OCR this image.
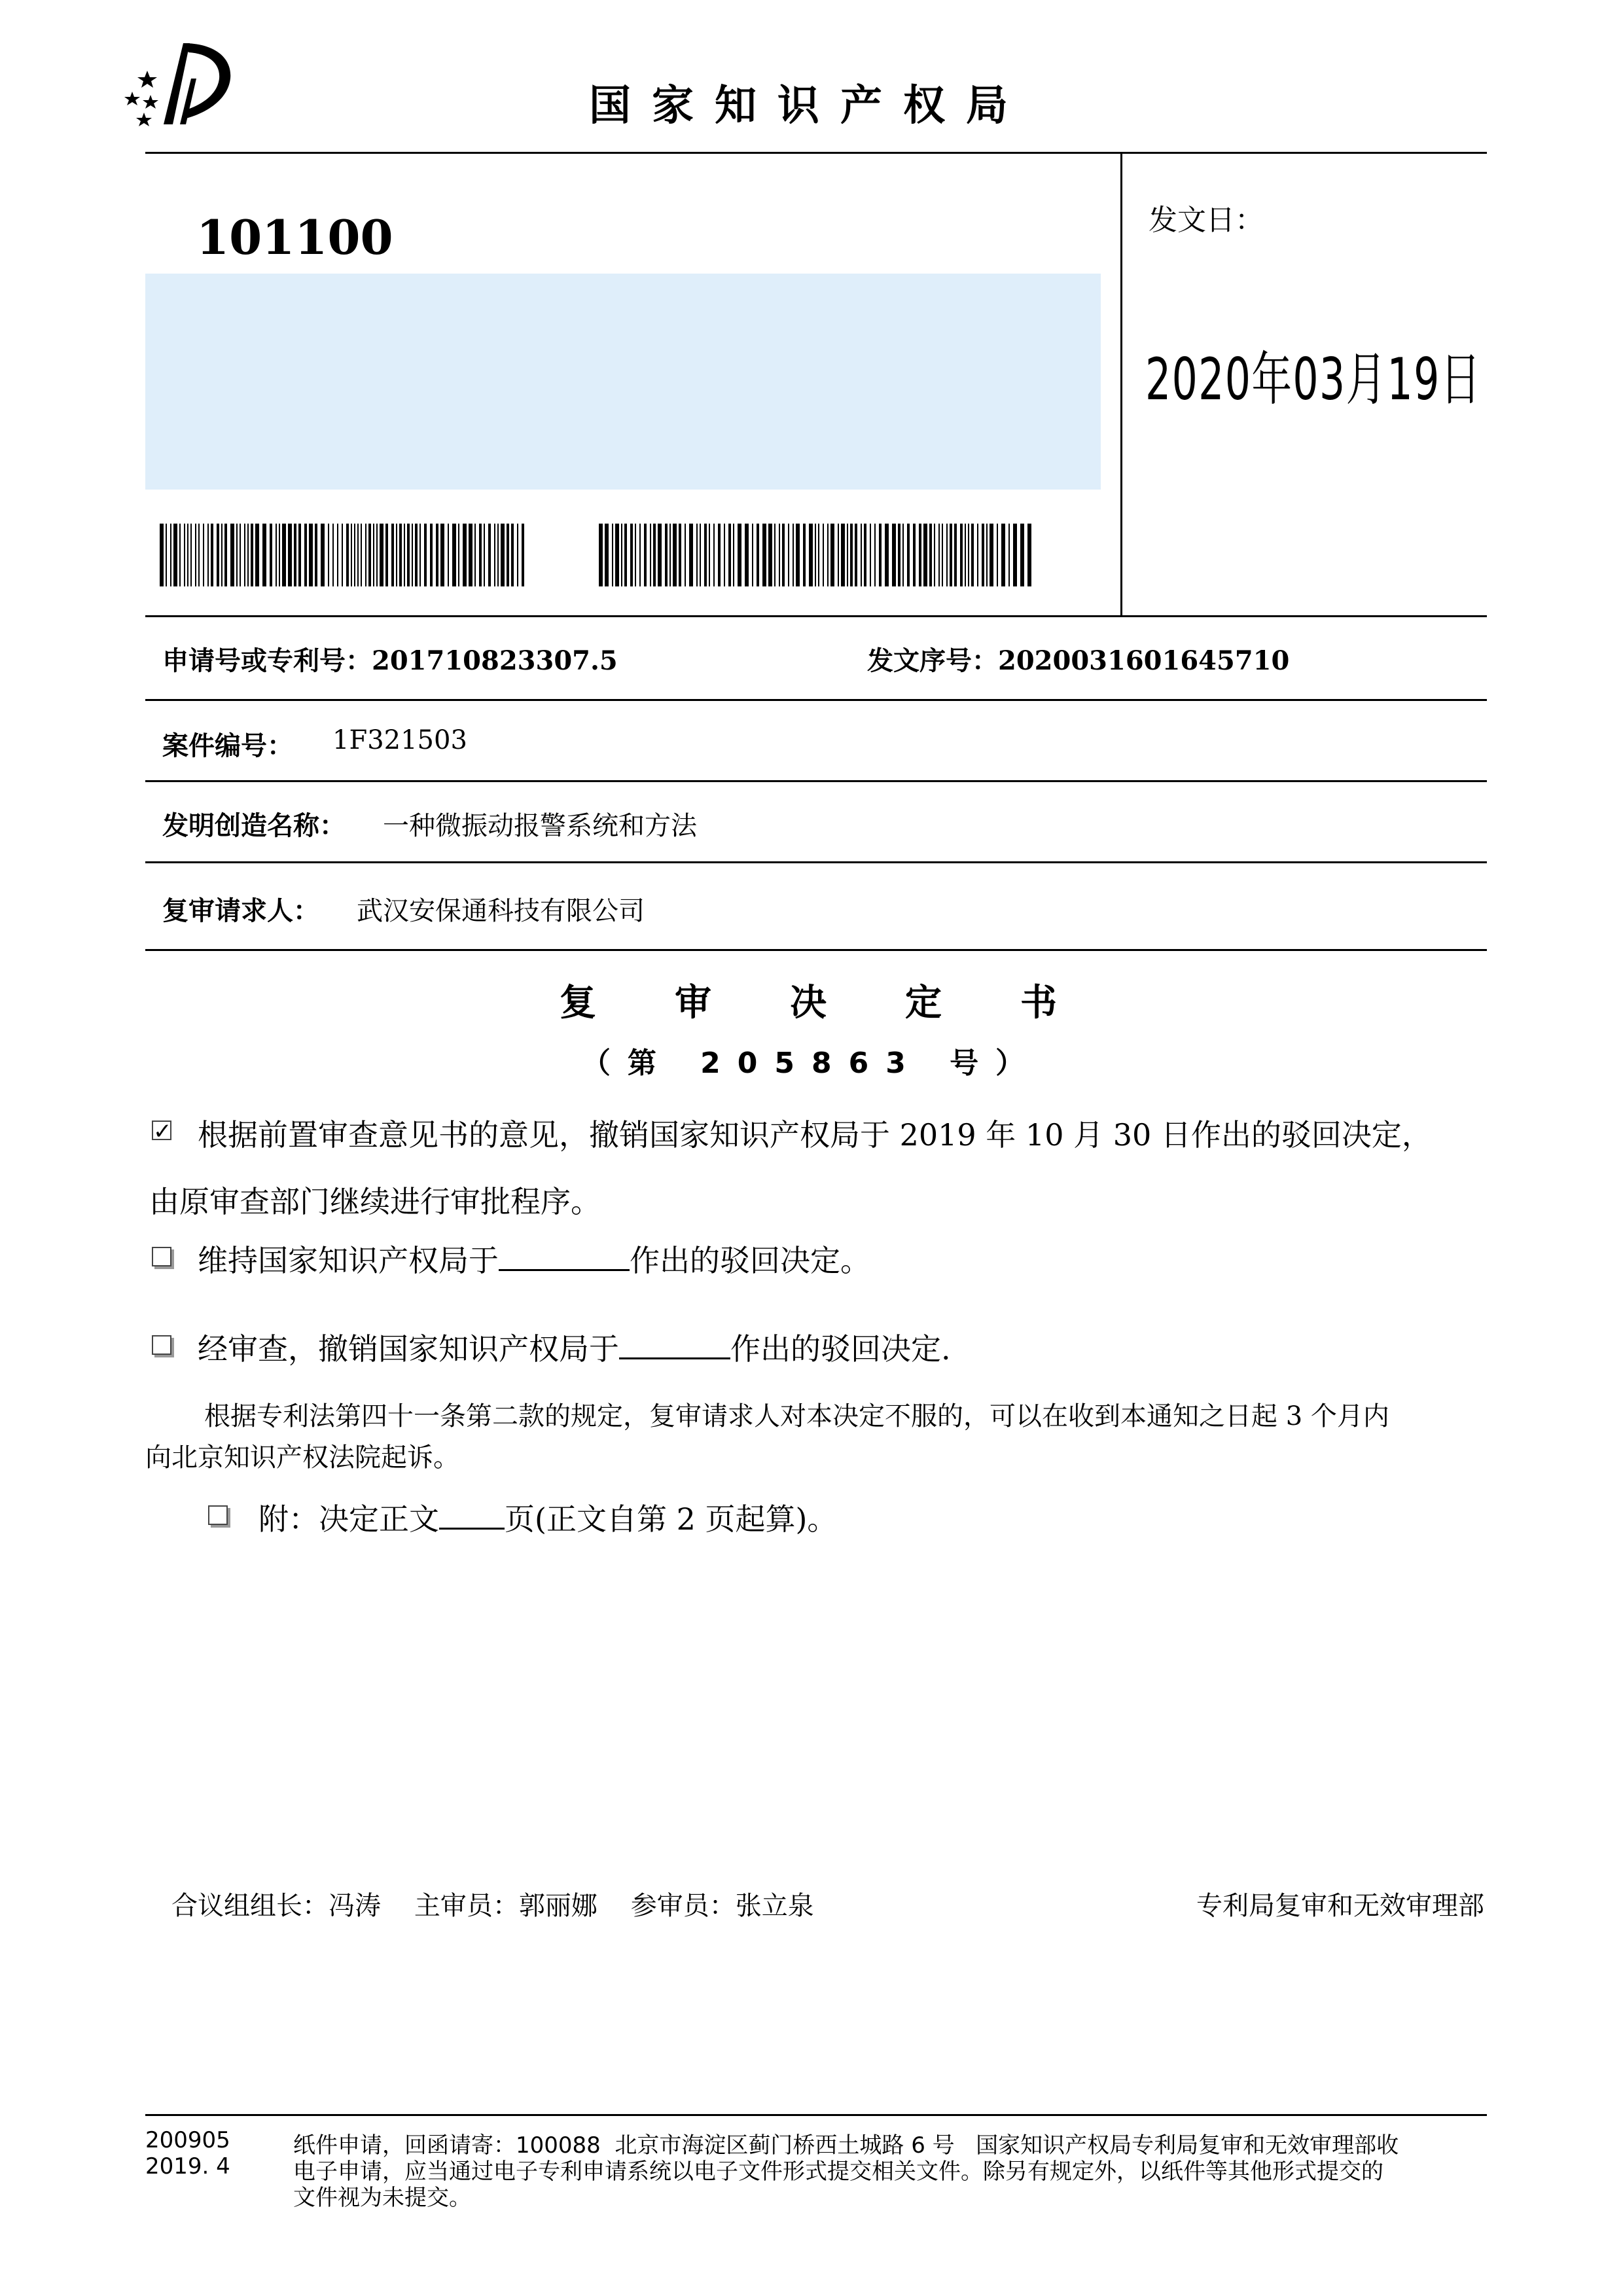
国家知识产权局
101100	发文日：
2020年03月19日
申请号或专利号：201710823307.5	发文序号：2020031601645710
案件编号： 1F321503
发明创造名称： 一种微振动报警系统和方法
复审请求人： 武汉安保通科技有限公司
复审决定书
（第 205863 号）
✓ 根据前置审查意见书的意见，撤销国家知识产权局于 2019 年 10 月 30 日作出的驳回决定，
由原审查部门继续进行审批程序。
维持国家知识产权局于	作出的驳回决定。
经审查，撤销国家知识产权局于	作出的驳回决定.
根据专利法第四十一条第二款的规定，复审请求人对本决定不服的，可以在收到本通知之日起 3 个月内
向北京知识产权法院起诉。
附：决定正文 页(正文自第 2 页起算)。
合议组组长：冯涛    主审员：郭丽娜    参审员：张立泉	专利局复审和无效审理部
200905
2019. 4
纸件申请，回函请寄：100088  北京市海淀区蓟门桥西土城路 6 号   国家知识产权局专利局复审和无效审理部收
电子申请，应当通过电子专利申请系统以电子文件形式提交相关文件。除另有规定外，以纸件等其他形式提交的
文件视为未提交。
